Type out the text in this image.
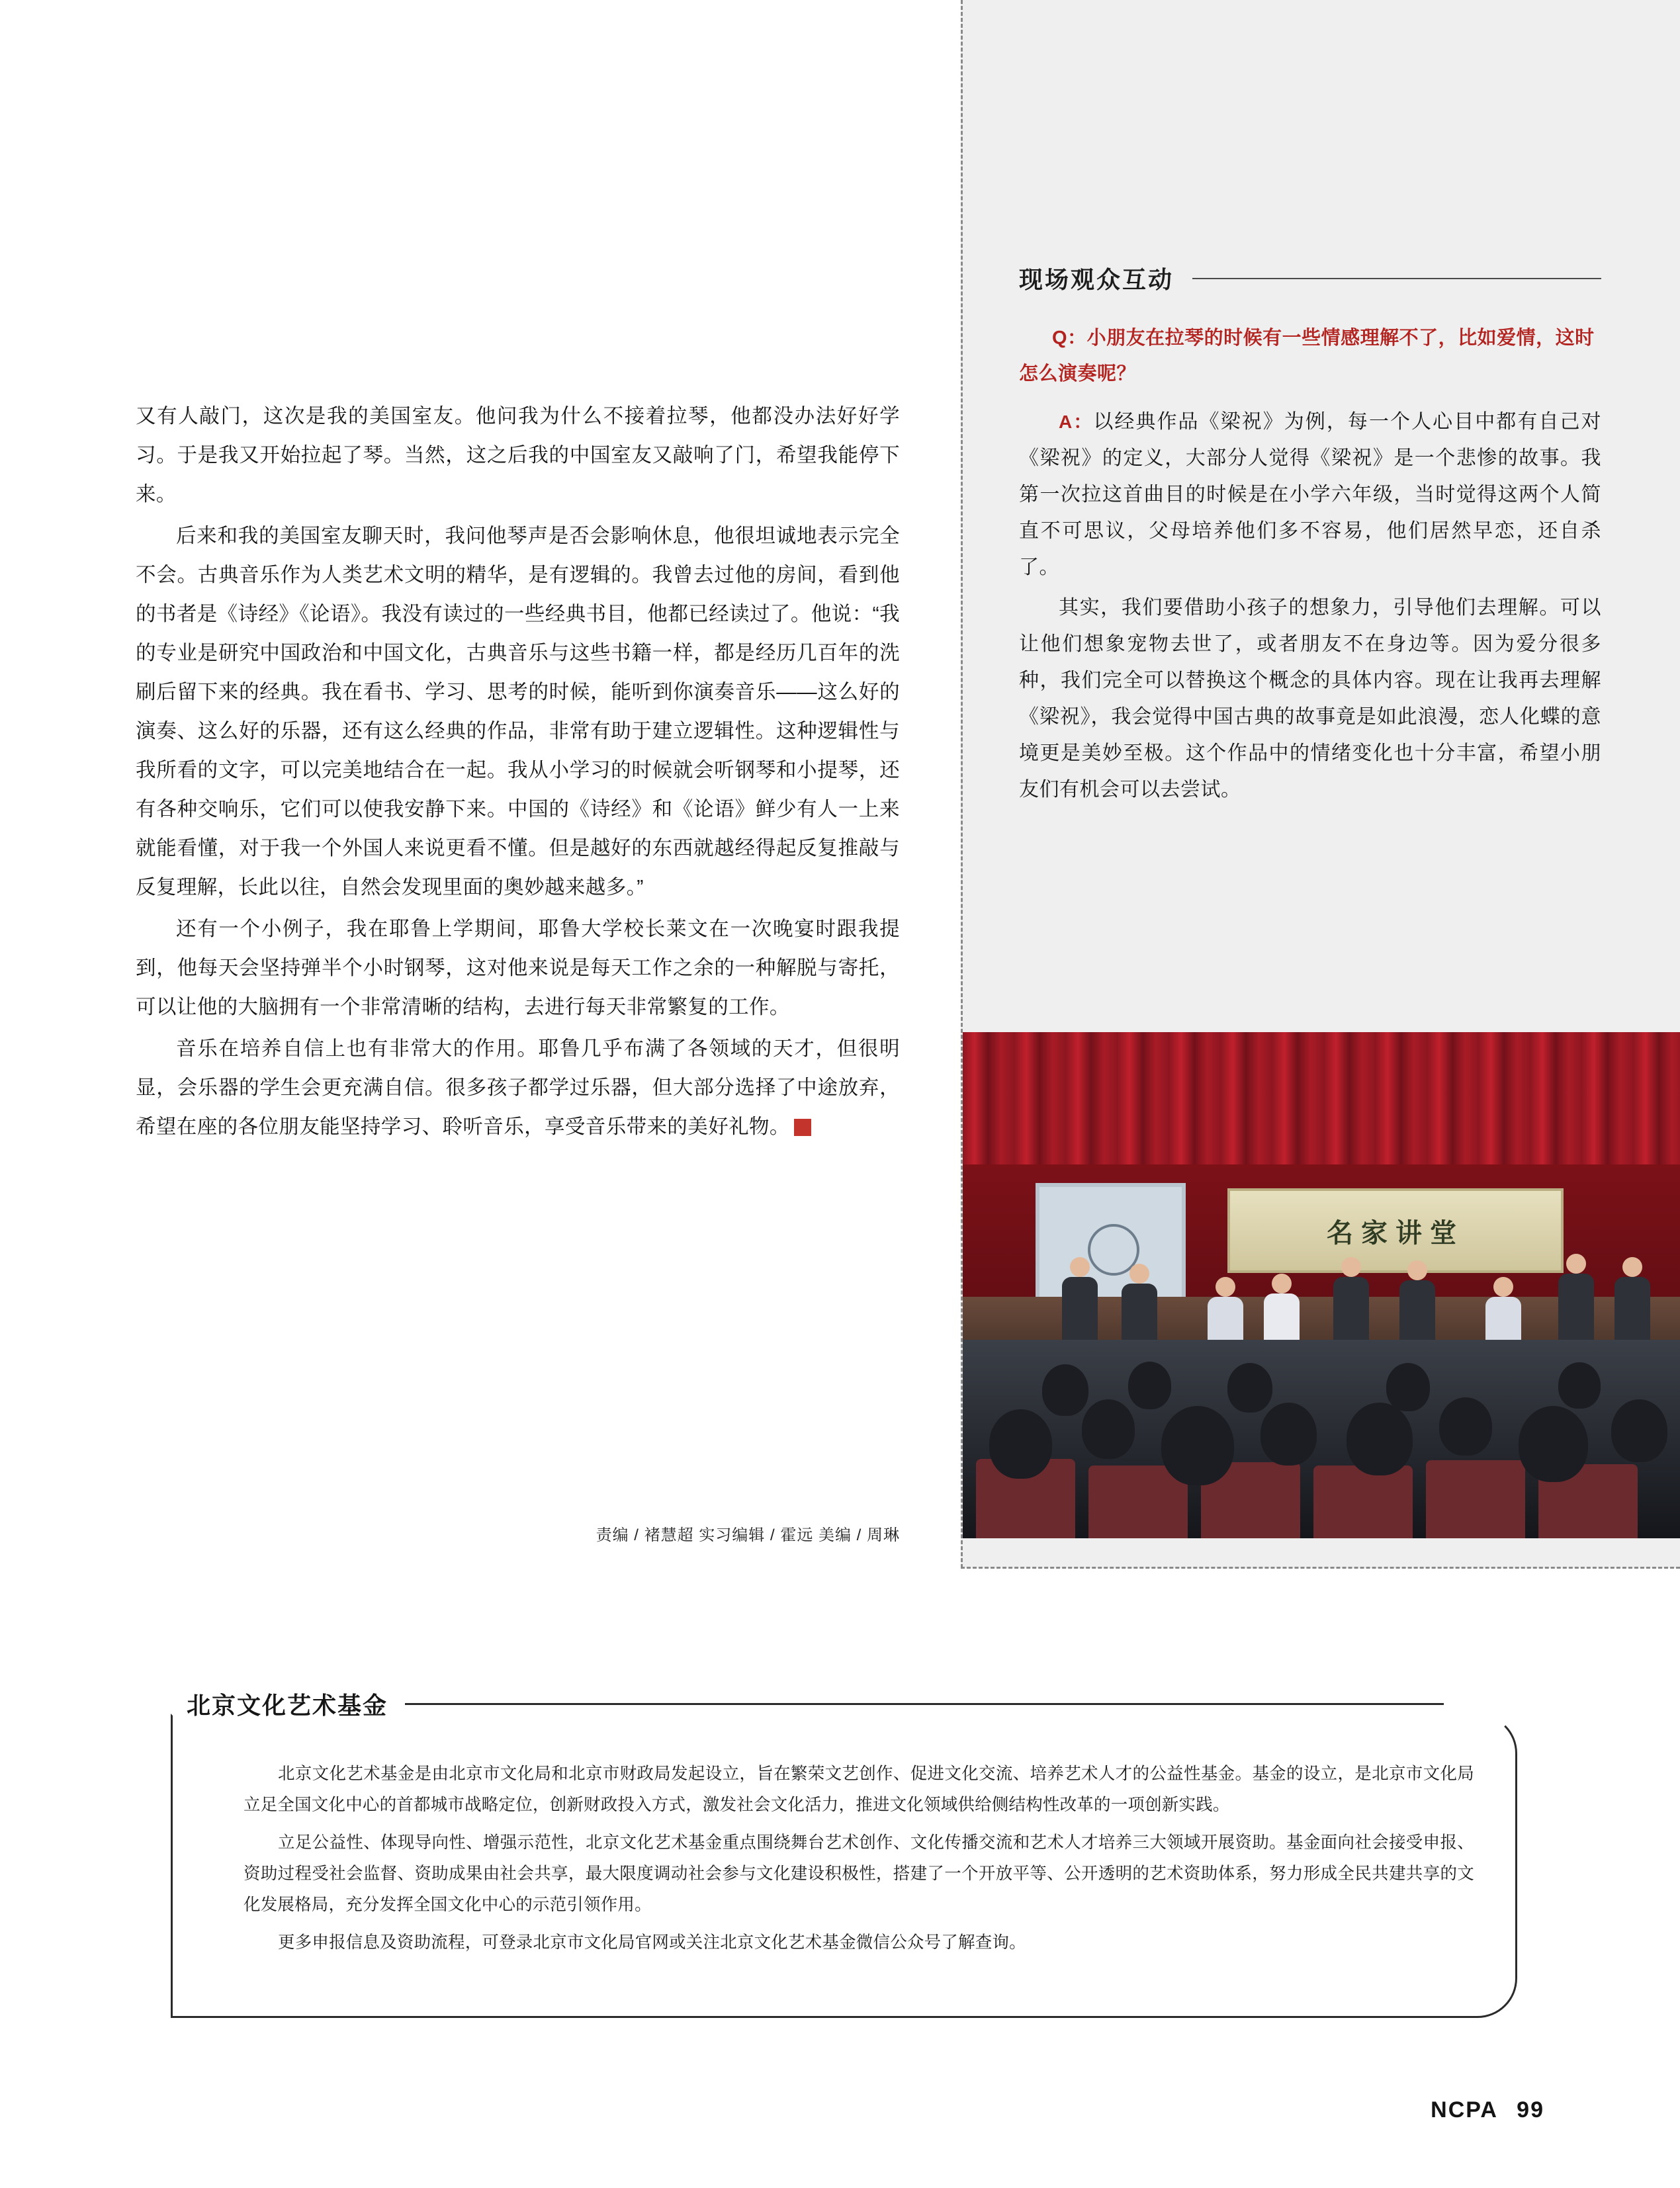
又有人敲门，这次是我的美国室友。他问我为什么不接着拉琴，他都没办法好好学习。于是我又开始拉起了琴。当然，这之后我的中国室友又敲响了门，希望我能停下来。

后来和我的美国室友聊天时，我问他琴声是否会影响休息，他很坦诚地表示完全不会。古典音乐作为人类艺术文明的精华，是有逻辑的。我曾去过他的房间，看到他的书者是《诗经》《论语》。我没有读过的一些经典书目，他都已经读过了。他说：“我的专业是研究中国政治和中国文化，古典音乐与这些书籍一样，都是经历几百年的洗刷后留下来的经典。我在看书、学习、思考的时候，能听到你演奏音乐——这么好的演奏、这么好的乐器，还有这么经典的作品，非常有助于建立逻辑性。这种逻辑性与我所看的文字，可以完美地结合在一起。我从小学习的时候就会听钢琴和小提琴，还有各种交响乐，它们可以使我安静下来。中国的《诗经》和《论语》鲜少有人一上来就能看懂，对于我一个外国人来说更看不懂。但是越好的东西就越经得起反复推敲与反复理解，长此以往，自然会发现里面的奥妙越来越多。”

还有一个小例子，我在耶鲁上学期间，耶鲁大学校长莱文在一次晚宴时跟我提到，他每天会坚持弹半个小时钢琴，这对他来说是每天工作之余的一种解脱与寄托，可以让他的大脑拥有一个非常清晰的结构，去进行每天非常繁复的工作。

音乐在培养自信上也有非常大的作用。耶鲁几乎布满了各领域的天才，但很明显，会乐器的学生会更充满自信。很多孩子都学过乐器，但大部分选择了中途放弃，希望在座的各位朋友能坚持学习、聆听音乐，享受音乐带来的美好礼物。	终

责编 / 褚慧超 实习编辑 / 霍远 美编 / 周琳
现场观众互动

Q：小朋友在拉琴的时候有一些情感理解不了，比如爱情，这时怎么演奏呢？

A：以经典作品《梁祝》为例，每一个人心目中都有自己对《梁祝》的定义，大部分人觉得《梁祝》是一个悲惨的故事。我第一次拉这首曲目的时候是在小学六年级，当时觉得这两个人简直不可思议，父母培养他们多不容易，他们居然早恋，还自杀了。

其实，我们要借助小孩子的想象力，引导他们去理解。可以让他们想象宠物去世了，或者朋友不在身边等。因为爱分很多种，我们完全可以替换这个概念的具体内容。现在让我再去理解《梁祝》，我会觉得中国古典的故事竟是如此浪漫，恋人化蝶的意境更是美妙至极。这个作品中的情绪变化也十分丰富，希望小朋友们有机会可以去尝试。

名家讲堂
北京文化艺术基金

北京文化艺术基金是由北京市文化局和北京市财政局发起设立，旨在繁荣文艺创作、促进文化交流、培养艺术人才的公益性基金。基金的设立，是北京市文化局立足全国文化中心的首都城市战略定位，创新财政投入方式，激发社会文化活力，推进文化领域供给侧结构性改革的一项创新实践。

立足公益性、体现导向性、增强示范性，北京文化艺术基金重点围绕舞台艺术创作、文化传播交流和艺术人才培养三大领域开展资助。基金面向社会接受申报、资助过程受社会监督、资助成果由社会共享，最大限度调动社会参与文化建设积极性，搭建了一个开放平等、公开透明的艺术资助体系，努力形成全民共建共享的文化发展格局，充分发挥全国文化中心的示范引领作用。

更多申报信息及资助流程，可登录北京市文化局官网或关注北京文化艺术基金微信公众号了解查询。

NCPA 99
